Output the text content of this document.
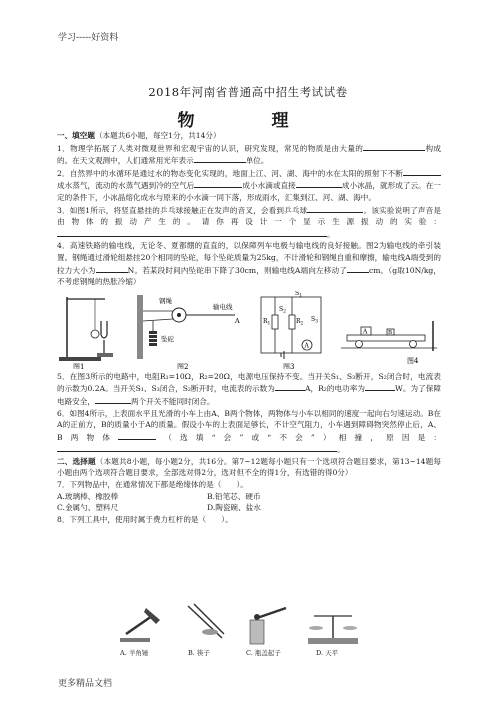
学习-----好资料
2018年河南省普通高中招生考试试卷
物　理

一、填空题（本题共6小题，每空1分，共14分）

1．物理学拓展了人类对微观世界和宏观宇宙的认识，研究发现，常见的物质是由大量的	构成的。在天文观测中，人们通常用光年表示	单位。

2．自然界中的水循环是通过水的物态变化实现的，地面上江、河、湖、海中的水在太阳的照射下不断成水蒸气，流动的水蒸气遇到冷的空气后	成小水滴或直接	成小冰晶，就形成了云。在一定的条件下，小冰晶熔化成水与原来的小水滴一同下落，形成雨水，汇集到江、河、湖、海中。

3．如图1所示，将竖直悬挂的乒乓球接触正在发声的音叉，会看到乒乓球	。该实验说明了声音是由物体的振动产生的。请你再设计一个显示生源振动的实验：。

4．高速铁路的输电线，无论冬、夏都绷的直直的，以保障列车电极与输电线的良好接触。图2为输电线的牵引装置。钢绳通过滑轮组悬挂20个相同的坠砣，每个坠砣质量为25kg，不计滑轮和钢绳自重和摩擦，输电线A端受到的拉力大小为	N。若某段时间内坠砣串下降了30cm，则输电线A端向左移动了	cm。（g取10N/kg，不考虑钢绳的热胀冷缩）

图1
钢绳
输电线
坠砣
A
图2
A
$S_1$
$S_3$
$S_2$
$R_1$	$R_2$
图3
A	B
图4

5．在图3所示的电路中，电阻R₁=10Ω，R₂=20Ω，电源电压保持不变。当开关S₁、S₃断开，S₂闭合时，电流表的示数为0.2A。当开关S₁、S₃闭合，S₂断开时，电流表的示数为	A，R₂的电功率为	W。为了保障电路安全，	两个开关不能同时闭合。

6．如图4所示，上表面水平且光滑的小车上由A、B两个物体，两物体与小车以相同的速度一起向右匀速运动。B在A的正前方，B的质量小于A的质量。假设小车的上表面足够长，不计空气阻力，小车遇到障碍物突然停止后，A、B两物体	（选填“会”或“不会”）相撞，原因是：。

二、选择题（本题共8小题，每小题2分，共16分。第7~12题每小题只有一个选项符合题目要求，第13~14题每小题由两个选项符合题目要求，全部选对得2分，选对但不全的得1分，有选错的得0分）

7．下列物品中，在通常情况下都是绝缘体的是（　　）。

A.玻璃棒、橡胶棒	B.铅笔芯、硬币
C.金属勺、塑料尺	D.陶瓷碗、盐水

8．下列工具中，使用时属于费力杠杆的是（　　）。

A. 羊角锤	B. 筷子	C. 瓶盖起子	D. 天平
更多精品文档
